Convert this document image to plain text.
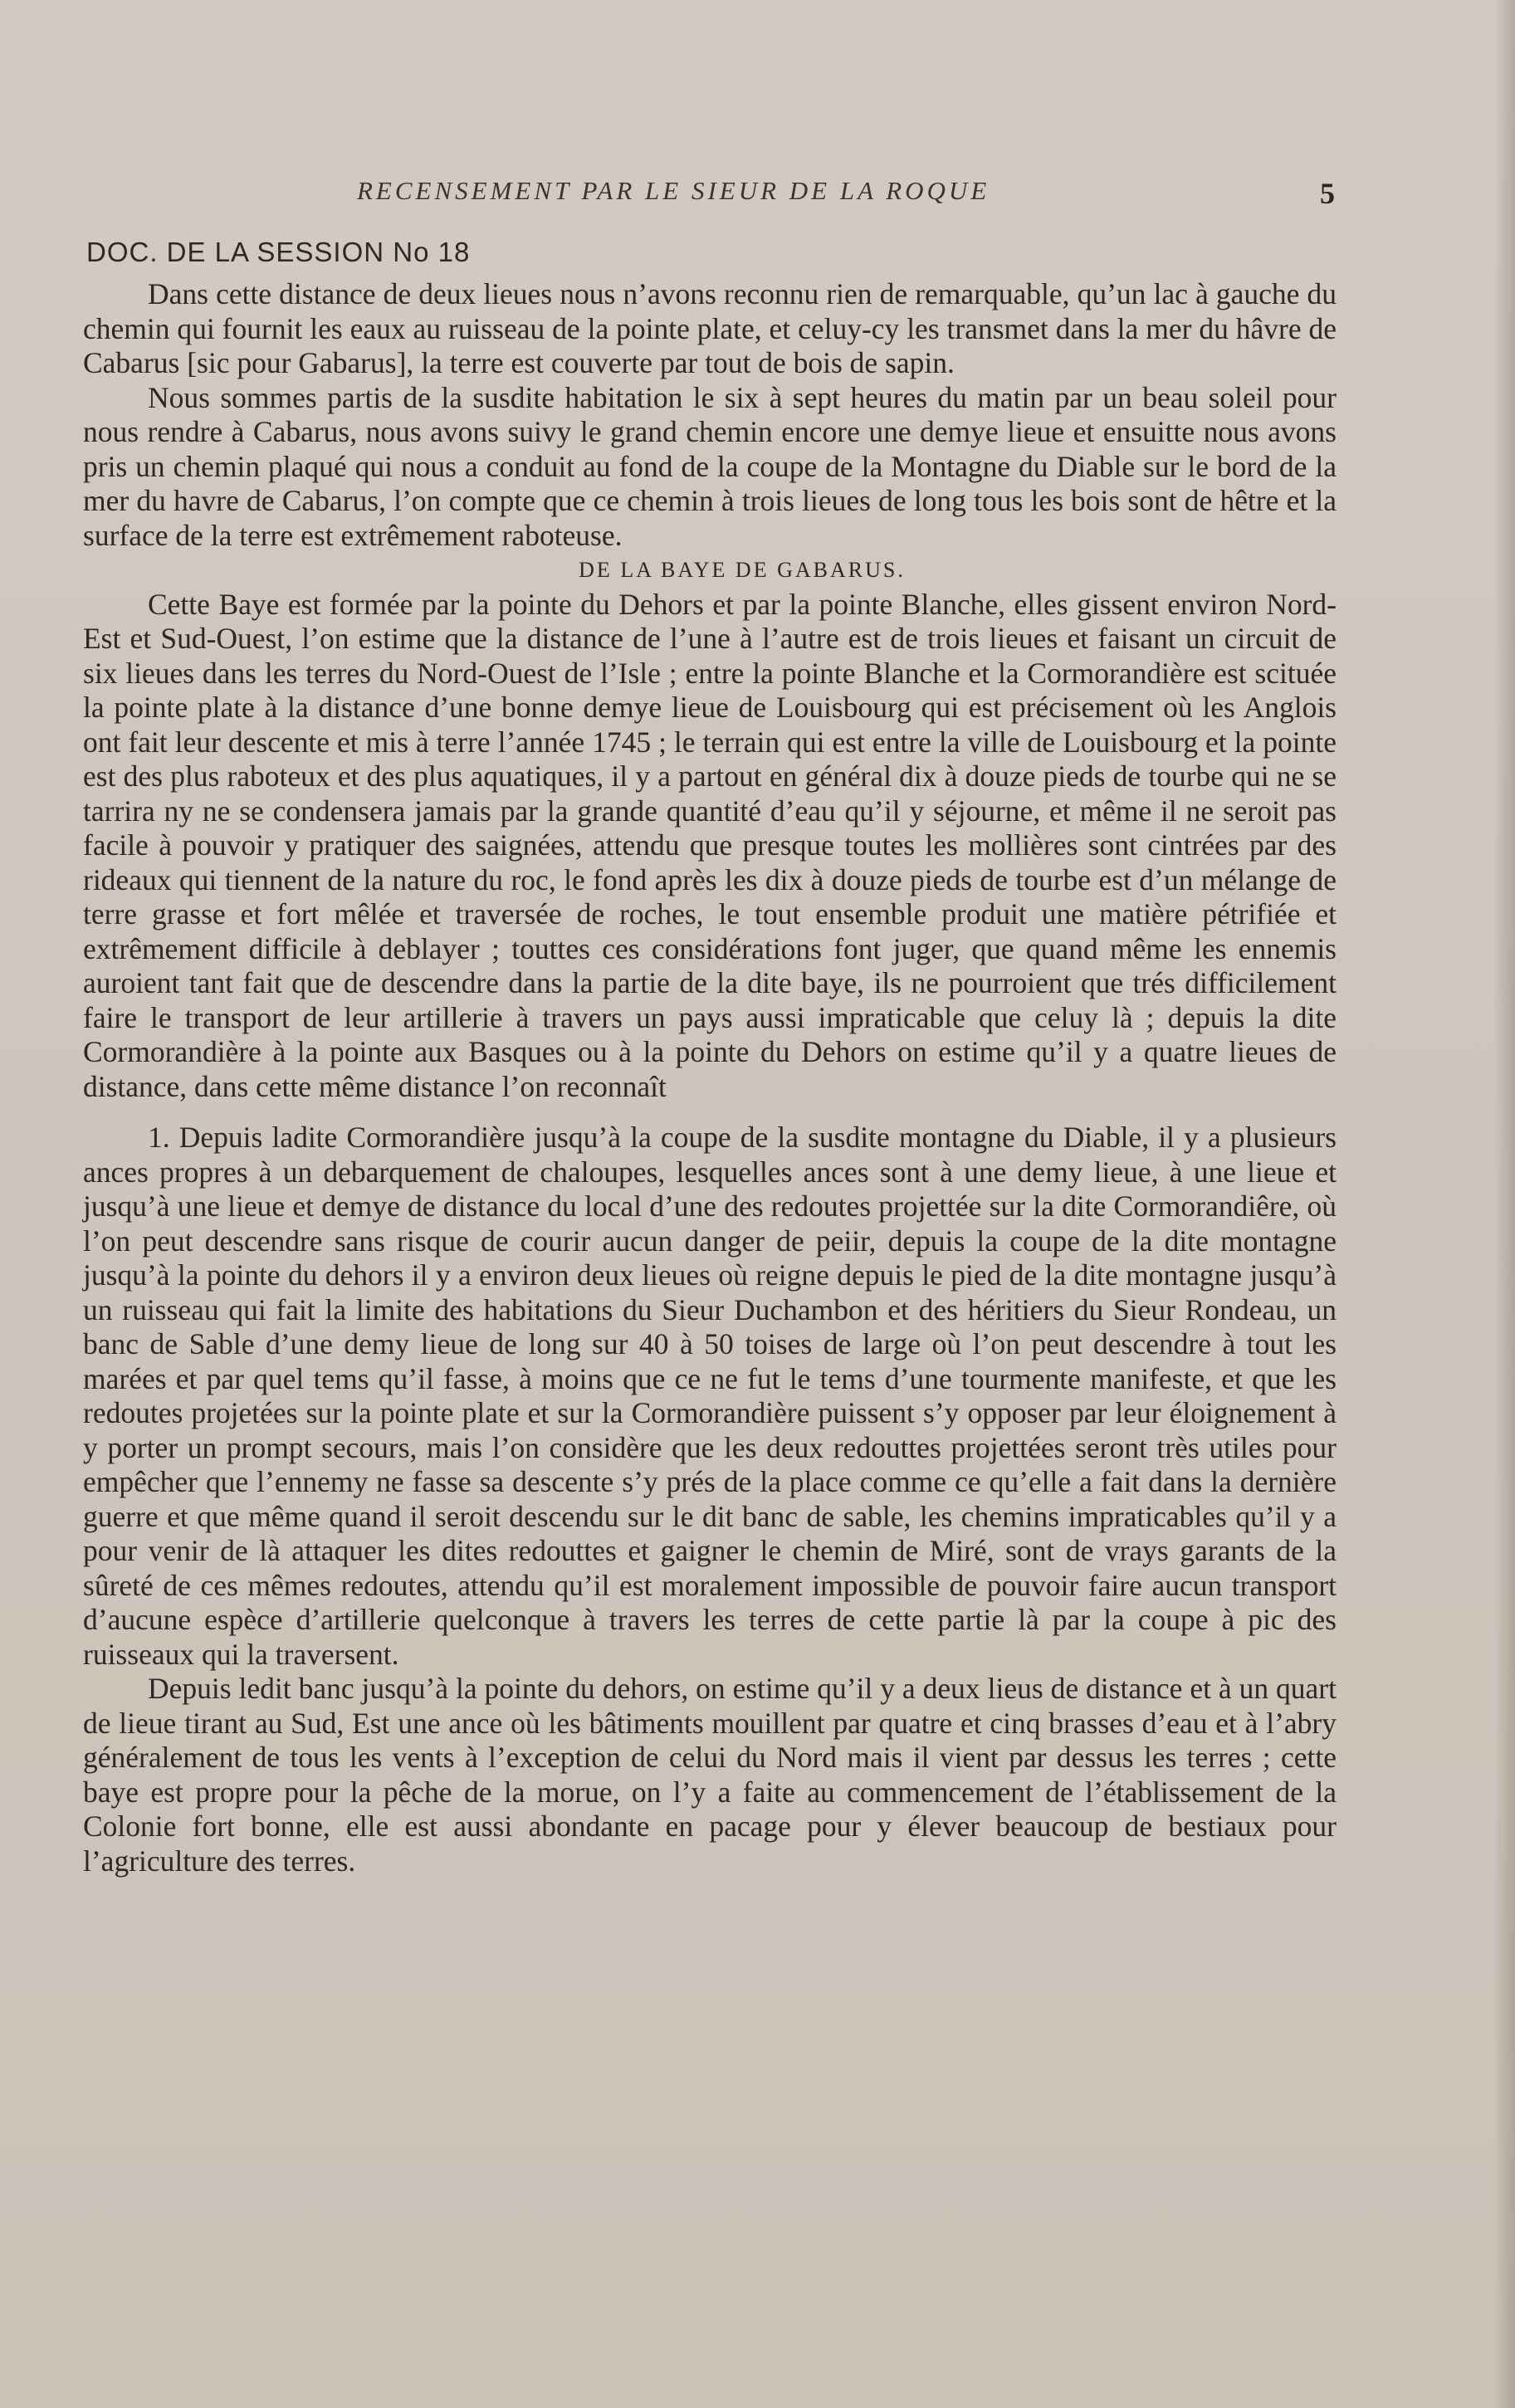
RECENSEMENT PAR LE SIEUR DE LA ROQUE	5
DOC. DE LA SESSION No 18

Dans cette distance de deux lieues nous n’avons reconnu rien de remarquable, qu’un lac à gauche du chemin qui fournit les eaux au ruisseau de la pointe plate, et celuy-cy les transmet dans la mer du hâvre de Cabarus [sic pour Gabarus], la terre est couverte par tout de bois de sapin.

Nous sommes partis de la susdite habitation le six à sept heures du matin par un beau soleil pour nous rendre à Cabarus, nous avons suivy le grand chemin encore une demye lieue et ensuitte nous avons pris un chemin plaqué qui nous a conduit au fond de la coupe de la Montagne du Diable sur le bord de la mer du havre de Cabarus, l’on compte que ce chemin à trois lieues de long tous les bois sont de hêtre et la surface de la terre est extrêmement raboteuse.

DE LA BAYE DE GABARUS.

Cette Baye est formée par la pointe du Dehors et par la pointe Blanche, elles gissent environ Nord-Est et Sud-Ouest, l’on estime que la distance de l’une à l’autre est de trois lieues et faisant un circuit de six lieues dans les terres du Nord-Ouest de l’Isle ; entre la pointe Blanche et la Cormorandière est scituée la pointe plate à la distance d’une bonne demye lieue de Louisbourg qui est précisement où les Anglois ont fait leur descente et mis à terre l’année 1745 ; le terrain qui est entre la ville de Louisbourg et la pointe est des plus raboteux et des plus aquatiques, il y a partout en général dix à douze pieds de tourbe qui ne se tarrira ny ne se condensera jamais par la grande quantité d’eau qu’il y séjourne, et même il ne seroit pas facile à pouvoir y pratiquer des saignées, attendu que presque toutes les mollières sont cintrées par des rideaux qui tiennent de la nature du roc, le fond après les dix à douze pieds de tourbe est d’un mélange de terre grasse et fort mêlée et traversée de roches, le tout ensemble produit une matière pétrifiée et extrêmement difficile à deblayer ; touttes ces considérations font juger, que quand même les ennemis auroient tant fait que de descendre dans la partie de la dite baye, ils ne pourroient que trés difficilement faire le transport de leur artillerie à travers un pays aussi impraticable que celuy là ; depuis la dite Cormorandière à la pointe aux Basques ou à la pointe du Dehors on estime qu’il y a quatre lieues de distance, dans cette même distance l’on reconnaît

1. Depuis ladite Cormorandière jusqu’à la coupe de la susdite montagne du Diable, il y a plusieurs ances propres à un debarquement de chaloupes, lesquelles ances sont à une demy lieue, à une lieue et jusqu’à une lieue et demye de distance du local d’une des redoutes projettée sur la dite Cormorandiêre, où l’on peut descendre sans risque de courir aucun danger de peiir, depuis la coupe de la dite montagne jusqu’à la pointe du dehors il y a environ deux lieues où reigne depuis le pied de la dite montagne jusqu’à un ruisseau qui fait la limite des habitations du Sieur Duchambon et des héritiers du Sieur Rondeau, un banc de Sable d’une demy lieue de long sur 40 à 50 toises de large où l’on peut descendre à tout les marées et par quel tems qu’il fasse, à moins que ce ne fut le tems d’une tourmente manifeste, et que les redoutes projetées sur la pointe plate et sur la Cormorandière puissent s’y opposer par leur éloignement à y porter un prompt secours, mais l’on considère que les deux redouttes projettées seront très utiles pour empêcher que l’ennemy ne fasse sa descente s’y prés de la place comme ce qu’elle a fait dans la dernière guerre et que même quand il seroit descendu sur le dit banc de sable, les chemins impraticables qu’il y a pour venir de là attaquer les dites redouttes et gaigner le chemin de Miré, sont de vrays garants de la sûreté de ces mêmes redoutes, attendu qu’il est moralement impossible de pouvoir faire aucun transport d’aucune espèce d’artillerie quelconque à travers les terres de cette partie là par la coupe à pic des ruisseaux qui la traversent.

Depuis ledit banc jusqu’à la pointe du dehors, on estime qu’il y a deux lieus de distance et à un quart de lieue tirant au Sud, Est une ance où les bâtiments mouillent par quatre et cinq brasses d’eau et à l’abry généralement de tous les vents à l’exception de celui du Nord mais il vient par dessus les terres ; cette baye est propre pour la pêche de la morue, on l’y a faite au commencement de l’établissement de la Colonie fort bonne, elle est aussi abondante en pacage pour y élever beaucoup de bestiaux pour l’agriculture des terres.
